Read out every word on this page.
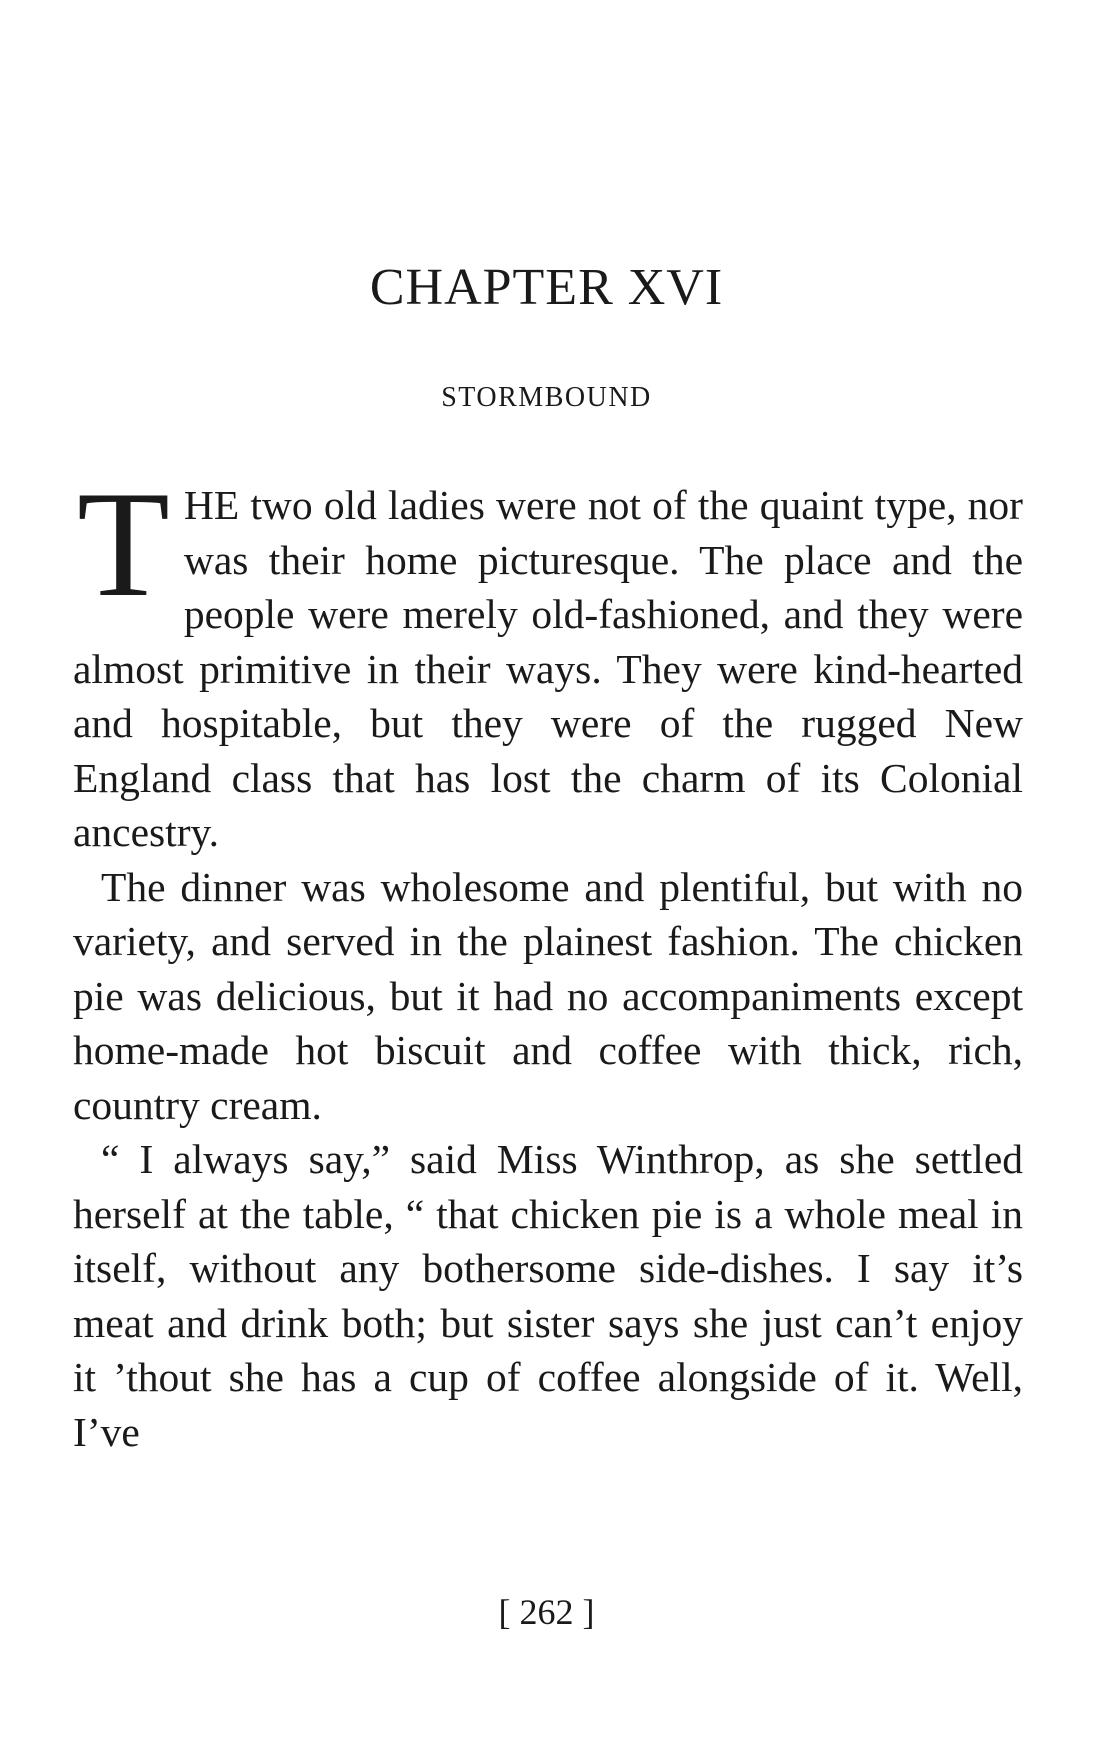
CHAPTER XVI
STORMBOUND

THE two old ladies were not of the quaint type, nor was their home picturesque. The place and the people were merely old-fashioned, and they were almost primitive in their ways. They were kind-hearted and hospitable, but they were of the rugged New England class that has lost the charm of its Colonial ancestry.

The dinner was wholesome and plentiful, but with no variety, and served in the plainest fashion. The chicken pie was delicious, but it had no accompaniments except home-made hot biscuit and coffee with thick, rich, country cream.

“ I always say,” said Miss Winthrop, as she settled herself at the table, “ that chicken pie is a whole meal in itself, without any bothersome side-dishes. I say it’s meat and drink both; but sister says she just can’t enjoy it ’thout she has a cup of coffee alongside of it. Well, I’ve

[ 262 ]
